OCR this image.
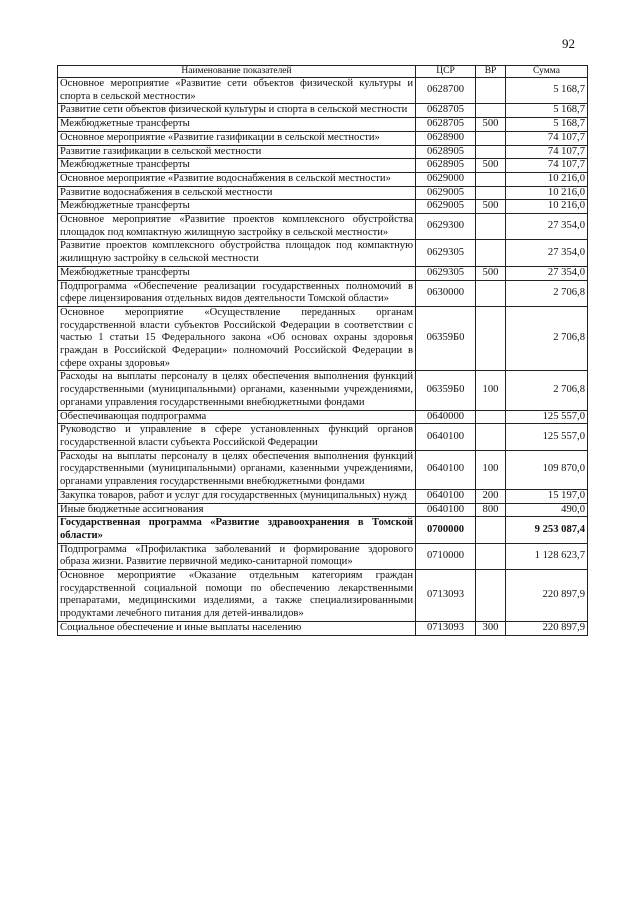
92
Наименование показателей	ЦСР	ВР	Сумма
Основное мероприятие «Развитие сети объектов физической культуры и спорта в сельской местности»	0628700		5 168,7
Развитие сети объектов физической культуры и спорта в сельской местности	0628705		5 168,7
Межбюджетные трансферты	0628705	500	5 168,7
Основное мероприятие «Развитие газификации в сельской местности»	0628900		74 107,7
Развитие газификации в сельской местности	0628905		74 107,7
Межбюджетные трансферты	0628905	500	74 107,7
Основное мероприятие «Развитие водоснабжения в сельской местности»	0629000		10 216,0
Развитие водоснабжения в сельской местности	0629005		10 216,0
Межбюджетные трансферты	0629005	500	10 216,0
Основное мероприятие «Развитие проектов комплексного обустройства площадок под компактную жилищную застройку в сельской местности»	0629300		27 354,0
Развитие проектов комплексного обустройства площадок под компактную жилищную застройку в сельской местности	0629305		27 354,0
Межбюджетные трансферты	0629305	500	27 354,0
Подпрограмма «Обеспечение реализации государственных полномочий в сфере лицензирования отдельных видов деятельности Томской области»	0630000		2 706,8
Основное мероприятие «Осуществление переданных органам государственной власти субъектов Российской Федерации в соответствии с частью 1 статьи 15 Федерального закона «Об основах охраны здоровья граждан в Российской Федерации» полномочий Российской Федерации в сфере охраны здоровья»	06359Б0		2 706,8
Расходы на выплаты персоналу в целях обеспечения выполнения функций государственными (муниципальными) органами, казенными учреждениями, органами управления государственными внебюджетными фондами	06359Б0	100	2 706,8
Обеспечивающая подпрограмма	0640000		125 557,0
Руководство и управление в сфере установленных функций органов государственной власти субъекта Российской Федерации	0640100		125 557,0
Расходы на выплаты персоналу в целях обеспечения выполнения функций государственными (муниципальными) органами, казенными учреждениями, органами управления государственными внебюджетными фондами	0640100	100	109 870,0
Закупка товаров, работ и услуг для государственных (муниципальных) нужд	0640100	200	15 197,0
Иные бюджетные ассигнования	0640100	800	490,0
Государственная программа «Развитие здравоохранения в Томской области»	0700000		9 253 087,4
Подпрограмма «Профилактика заболеваний и формирование здорового образа жизни. Развитие первичной медико-санитарной помощи»	0710000		1 128 623,7
Основное мероприятие «Оказание отдельным категориям граждан государственной социальной помощи по обеспечению лекарственными препаратами, медицинскими изделиями, а также специализированными продуктами лечебного питания для детей-инвалидов»	0713093		220 897,9
Социальное обеспечение и иные выплаты населению	0713093	300	220 897,9
